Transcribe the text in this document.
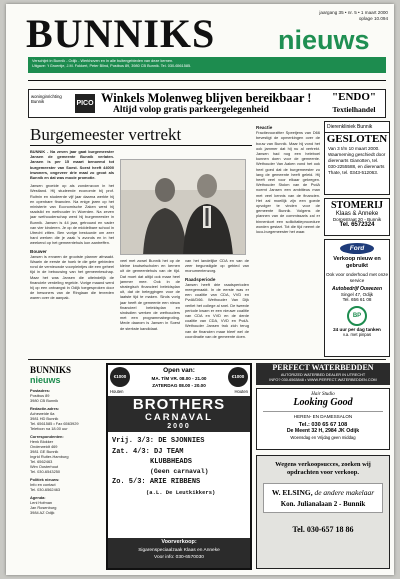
BUNNIKS nieuws
jaargang 35 • nr. 5 • 1 maart 2000
oplage 10.094
Verschijnt in Bunnik - Odijk - Werkhoven en in alle buitengebieden van deze kernen.
Uitgave: 't Groentje, J.M. Fokkert, Peter Blind, Postbus 89, 3980 CB Bunnik. Tel. 030-6561585.
woninginrichting Bunnik	PICO Winkels Molenweg blijven bereikbaar !
Altijd volop gratis parkeergelegenheid
"ENDO"
Textielhandel
Burgemeester vertrekt
BUNNIK - Na zeven jaar gaat burgemeester Jansen de gemeente Bunnik verlaten. Jansen is per 15 maart benoemd tot burgemeester van Soest. Soest heeft 44000 inwoners, ongeveer drie maal zo groot als Bunnik en dat was mooie promotie.
Jansen groeide op als zondenzoon in het Westland. Hij studeerde economie bij prof. Ruitnin en studeerde vijf jaar daarna werkte hij en openbare financien. Na enige jaren op het ministerie van Economische Zaken werd hij raadslid en wethouder in Woerden. Na zeven jaar wethouderschap werd hij burgemeester in Bunnik. Jansen is 44 jaar, getrouwd en vader van vier kinderen. Je op de middelbare school in Utrecht zitten. Ben vorige bestuurde om zeer hard werken die je zaak 's avonds en in het weekend op het gemeentehuis kon aantreffen.
Bouwer
Jansen is ervaren de grootste planner afmaakt. Waarin de eerste de hoek te die gele gebieden rond de vernieuwde voorpleintjes die een geheel tijd in de bebouwing van het gemeenteschap. Maar het was Jansen die uiteindelijk de financiele verdeling regelde. Vorige maand werd hij op een ontvangst in Odijk toegesproken door de bewoners van de Ringlaan die tevreden waren over de aanpak.
veel met zowel Bunnik het op de kleine knutselscholen en kernen uit de gemeentehuis van de tijd. Dat moet dat altijd ook maar heel jammer mee. Ook in de strategisch financieel beleidsplan uit, dat de beleggingen voor de laatste tijd te maken. Sinds vorig jaar heeft de gemeente een nieuw financieel beleidsplan en sindsdien werken de wethouders met een programmabegroting. Mede daarom is Jansen in Soest de sterkste kandidaat.
van het landelijke CDA en van de zeer begunstigde op gebied van monumentenzorg.
Raadsperiode
Jansen heeft drie raadsperioden meegemaakt. In de eerste was er een coalitie van CDA, VVD en PvdA/D66. Wethouder Van Dijk verliet het college al snel. De tweede periode kwam er een nieuwe coalitie van CDA en VVD en de derde coalitie van CDA, VVD en PvdA. Wethouder Jansen trok zich terug van de financien maar bleef wel de coordinatie van de gemeente doen.
Reactie
Fractievoorzitter Speetjens van D66 bevestigt de opmerkingen over de bouw van Bunnik. Maar hij vond het ook jammer dat hij nu al vertrekt. Jansen had nog een heleboel kunnen doen voor de gemeente. Wethouder Van Aaken vond het ook heel goed dat de burgemeester zo lang de gemeente heeft geleid. Hij heeft veel voor elkaar gekregen. Wethouder Stokm van de PvdA noemt Jansen een ambitieus man met veel kennis van de financien. Het zal moeilijk zijn een goede opvolger te vinden voor de gemeente Bunnik. Volgens de plannen van de commissaris zal er binnenkort een sollicitatieprocedure worden gestart. Tot die tijd neemt de loco-burgemeester het waar.
Dierenkliniek Bunnik
GESLOTEN
Van 3 t/m 10 maart 2000. Waarneming geschiedt door dierenarts Gianotten, tel. 030-2255588, en dierenarts Thate, tel. 0343-512063.
STOMERIJ
Klaas & Anneke
Dorpsstraat 20 - Bunnik
Tel. 6572324
Ford
Verkoop nieuw en gebruikt
Ook voor onderhoud met onze service
Autobedrijf Ouwezen
Singel 47, Odijk
Tel. 656 61 08
BP
24 uur per dag tanken
v.a. met pinpas
BUNNIKS nieuws
Postadres:
Postbus 89
3980 CB Bunnik
Redactie-adres:
Acheweide 6a
3981 HD Bunnik
Tel. 6561585 • Fax 6563929
Telefoon na 18.00 uur
Correspondenten:
Henk Blokker
Onderweidt 469
3981 GE Bunnik
Ingrid Ruiter-Hamburg
Tel. 6562463
Wim Oosterhout
Tel. 030-6543250
Politiek nieuws:
Info en contact
Tel. 030-6562463
Agenda:
Leni Hofman
Jan Rosenburg
3984 AZ Odijk
€1000	€1000
Houten	Houten
Open van:
MA. T/M VR. 08.00 - 21.00
ZATERDAG 08.00 - 20.00
BROTHERS
CARNAVAL
2000
Vrij. 3/3: DE SJONNIES
Zat. 4/3: DJ TEAM
KLUBBHEADS
(Geen carnaval)
Zo. 5/3: ARIE RIBBENS
(a.L. De Leutkikkers)
Voorverkoop:
Sigarenspeciaalzaak Klaas en Anneke
Voor info: 030-6570030
PERFECT WATERBEDDEN
AUTORIZED WATERBED DEALER IN UTRECHT
INFO? 030-6563848 • WWW.PERFECT-WATERBEDDEN.COM
Hair Studio
Looking Good
HEREN- EN DAMESSALON
Tel.: 030 65 67 108
De Meent 32 H, 2984 JK Odijk
Woensdag en Vrijdag geen middag
Wegens verkoopsucces, zoeken wij
opdrachten voor verkoop.
W. ELSING, de andere makelaar
Kon. Julianalaan 2 - Bunnik
Tel. 030-657 18 86
